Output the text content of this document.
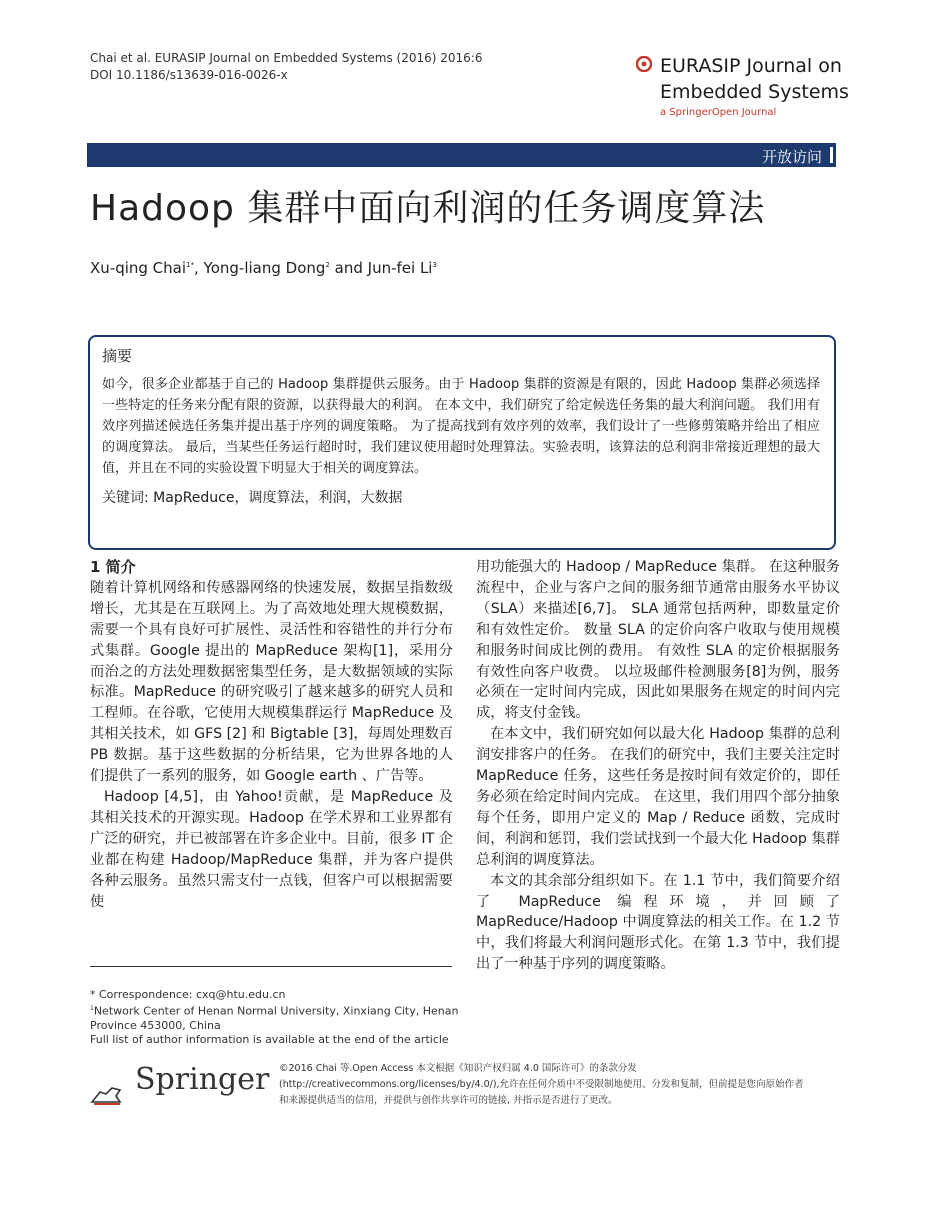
Chai et al. EURASIP Journal on Embedded Systems (2016) 2016:6
DOI 10.1186/s13639-016-0026-x	EURASIP Journal on
Embedded Systems
a SpringerOpen Journal
开放访问
Hadoop 集群中面向利润的任务调度算法
Xu-qing Chai$^{1*}$, Yong-liang Dong$^2$ and Jun-fei Li$^3$
摘要
如今，很多企业都基于自己的 Hadoop 集群提供云服务。由于 Hadoop 集群的资源是有限的，因此 Hadoop 集群必须选择一些特定的任务来分配有限的资源，以获得最大的利润。 在本文中，我们研究了给定候选任务集的最大利润问题。 我们用有效序列描述候选任务集并提出基于序列的调度策略。 为了提高找到有效序列的效率，我们设计了一些修剪策略并给出了相应的调度算法。 最后，当某些任务运行超时时，我们建议使用超时处理算法。实验表明，该算法的总利润非常接近理想的最大值，并且在不同的实验设置下明显大于相关的调度算法。
关键词: MapReduce，调度算法，利润，大数据
1 简介

随着计算机网络和传感器网络的快速发展，数据呈指数级增长，尤其是在互联网上。为了高效地处理大规模数据，需要一个具有良好可扩展性、灵活性和容错性的并行分布式集群。Google 提出的 MapReduce 架构[1]，采用分而治之的方法处理数据密集型任务，是大数据领域的实际标准。MapReduce 的研究吸引了越来越多的研究人员和工程师。在谷歌，它使用大规模集群运行 MapReduce 及其相关技术，如 GFS [2] 和 Bigtable [3]，每周处理数百 PB 数据。基于这些数据的分析结果，它为世界各地的人们提供了一系列的服务，如 Google earth 、广告等。

Hadoop [4,5]，由 Yahoo!贡献，是 MapReduce 及其相关技术的开源实现。Hadoop 在学术界和工业界都有广泛的研究，并已被部署在许多企业中。目前，很多 IT 企业都在构建 Hadoop/MapReduce 集群，并为客户提供各种云服务。虽然只需支付一点钱，但客户可以根据需要使

用功能强大的 Hadoop / MapReduce 集群。 在这种服务流程中，企业与客户之间的服务细节通常由服务水平协议（SLA）来描述[6,7]。 SLA 通常包括两种，即数量定价和有效性定价。 数量 SLA 的定价向客户收取与使用规模和服务时间成比例的费用。 有效性 SLA 的定价根据服务有效性向客户收费。 以垃圾邮件检测服务[8]为例，服务必须在一定时间内完成，因此如果服务在规定的时间内完成，将支付金钱。

在本文中，我们研究如何以最大化 Hadoop 集群的总利润安排客户的任务。 在我们的研究中，我们主要关注定时 MapReduce 任务，这些任务是按时间有效定价的，即任务必须在给定时间内完成。 在这里，我们用四个部分抽象每个任务，即用户定义的 Map / Reduce 函数，完成时间，利润和惩罚，我们尝试找到一个最大化 Hadoop 集群总利润的调度算法。

本文的其余部分组织如下。在 1.1 节中，我们简要介绍了 MapReduce 编程环境，并回顾了 MapReduce/Hadoop 中调度算法的相关工作。在 1.2 节中，我们将最大利润问题形式化。在第 1.3 节中，我们提出了一种基于序列的调度策略。

* Correspondence: cxq@htu.edu.cn
$^1$Network Center of Henan Normal University, Xinxiang City, Henan Province 453000, China
Full list of author information is available at the end of the article
Springer ©2016 Chai 等.Open Access 本文根据《知识产权归属 4.0 国际许可》的条款分发(http://creativecommons.org/licenses/by/4.0/),允许在任何介质中不受限制地使用、分发和复制，但前提是您向原始作者和来源提供适当的信用，并提供与创作共享许可的链接, 并指示是否进行了更改。
